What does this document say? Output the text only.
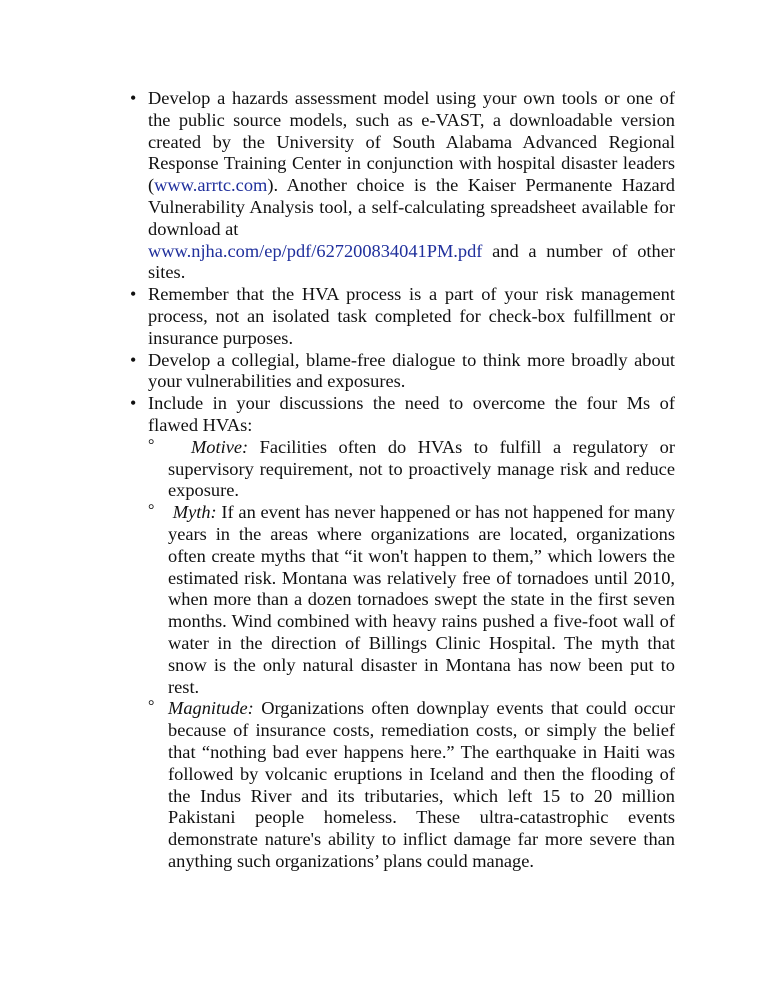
• Develop a hazards assessment model using your own tools or one of the public source models, such as e-VAST, a downloadable version created by the University of South Alabama Advanced Regional Response Training Center in conjunction with hospital disaster leaders (www.arrtc.com). Another choice is the Kaiser Permanente Hazard Vulnerability Analysis tool, a self-calculating spreadsheet available for download at
www.njha.com/ep/pdf/627200834041PM.pdf and a number of other sites.
• Remember that the HVA process is a part of your risk management process, not an isolated task completed for check-box fulfillment or insurance purposes.
• Develop a collegial, blame-free dialogue to think more broadly about your vulnerabilities and exposures.
• Include in your discussions the need to overcome the four Ms of flawed HVAs:
° Motive: Facilities often do HVAs to fulfill a regulatory or supervisory requirement, not to proactively manage risk and reduce exposure.
° Myth: If an event has never happened or has not happened for many years in the areas where organizations are located, organizations often create myths that “it won't happen to them,” which lowers the estimated risk. Montana was relatively free of tornadoes until 2010, when more than a dozen tornadoes swept the state in the first seven months. Wind combined with heavy rains pushed a five-foot wall of water in the direction of Billings Clinic Hospital. The myth that snow is the only natural disaster in Montana has now been put to rest.
° Magnitude: Organizations often downplay events that could occur because of insurance costs, remediation costs, or simply the belief that “nothing bad ever happens here.” The earthquake in Haiti was followed by volcanic eruptions in Iceland and then the flooding of the Indus River and its tributaries, which left 15 to 20 million Pakistani people homeless. These ultra-catastrophic events demonstrate nature's ability to inflict damage far more severe than anything such organizations’ plans could manage.
